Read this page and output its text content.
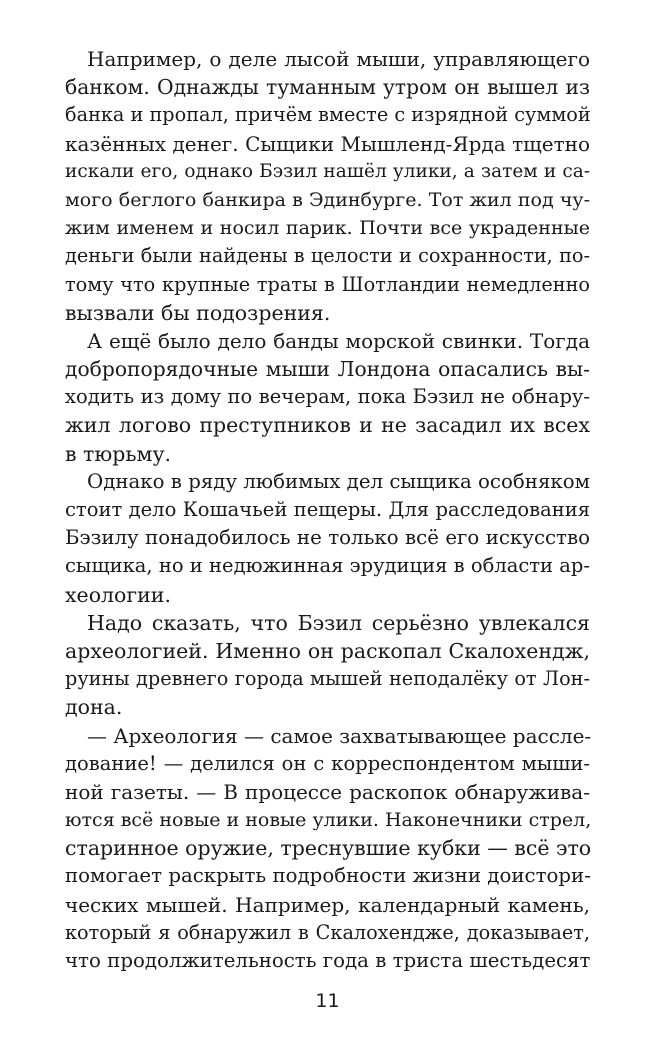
Например, о деле лысой мыши, управляющего
банком. Однажды туманным утром он вышел из
банка и пропал, причём вместе с изрядной суммой
казённых денег. Сыщики Мышленд-Ярда тщетно
искали его, однако Бэзил нашёл улики, а затем и са-
мого беглого банкира в Эдинбурге. Тот жил под чу-
жим именем и носил парик. Почти все украденные
деньги были найдены в целости и сохранности, по-
тому что крупные траты в Шотландии немедленно
вызвали бы подозрения.
А ещё было дело банды морской свинки. Тогда
добропорядочные мыши Лондона опасались вы-
ходить из дому по вечерам, пока Бэзил не обнару-
жил логово преступников и не засадил их всех
в тюрьму.
Однако в ряду любимых дел сыщика особняком
стоит дело Кошачьей пещеры. Для расследования
Бэзилу понадобилось не только всё его искусство
сыщика, но и недюжинная эрудиция в области ар-
хеологии.
Надо сказать, что Бэзил серьёзно увлекался
археологией. Именно он раскопал Скалохендж,
руины древнего города мышей неподалёку от Лон-
дона.
— Археология — самое захватывающее рассле-
дование! — делился он с корреспондентом мыши-
ной газеты. — В процессе раскопок обнаружива-
ются всё новые и новые улики. Наконечники стрел,
старинное оружие, треснувшие кубки — всё это
помогает раскрыть подробности жизни доистори-
ческих мышей. Например, календарный камень,
который я обнаружил в Скалохендже, доказывает,
что продолжительность года в триста шестьдесят
11
